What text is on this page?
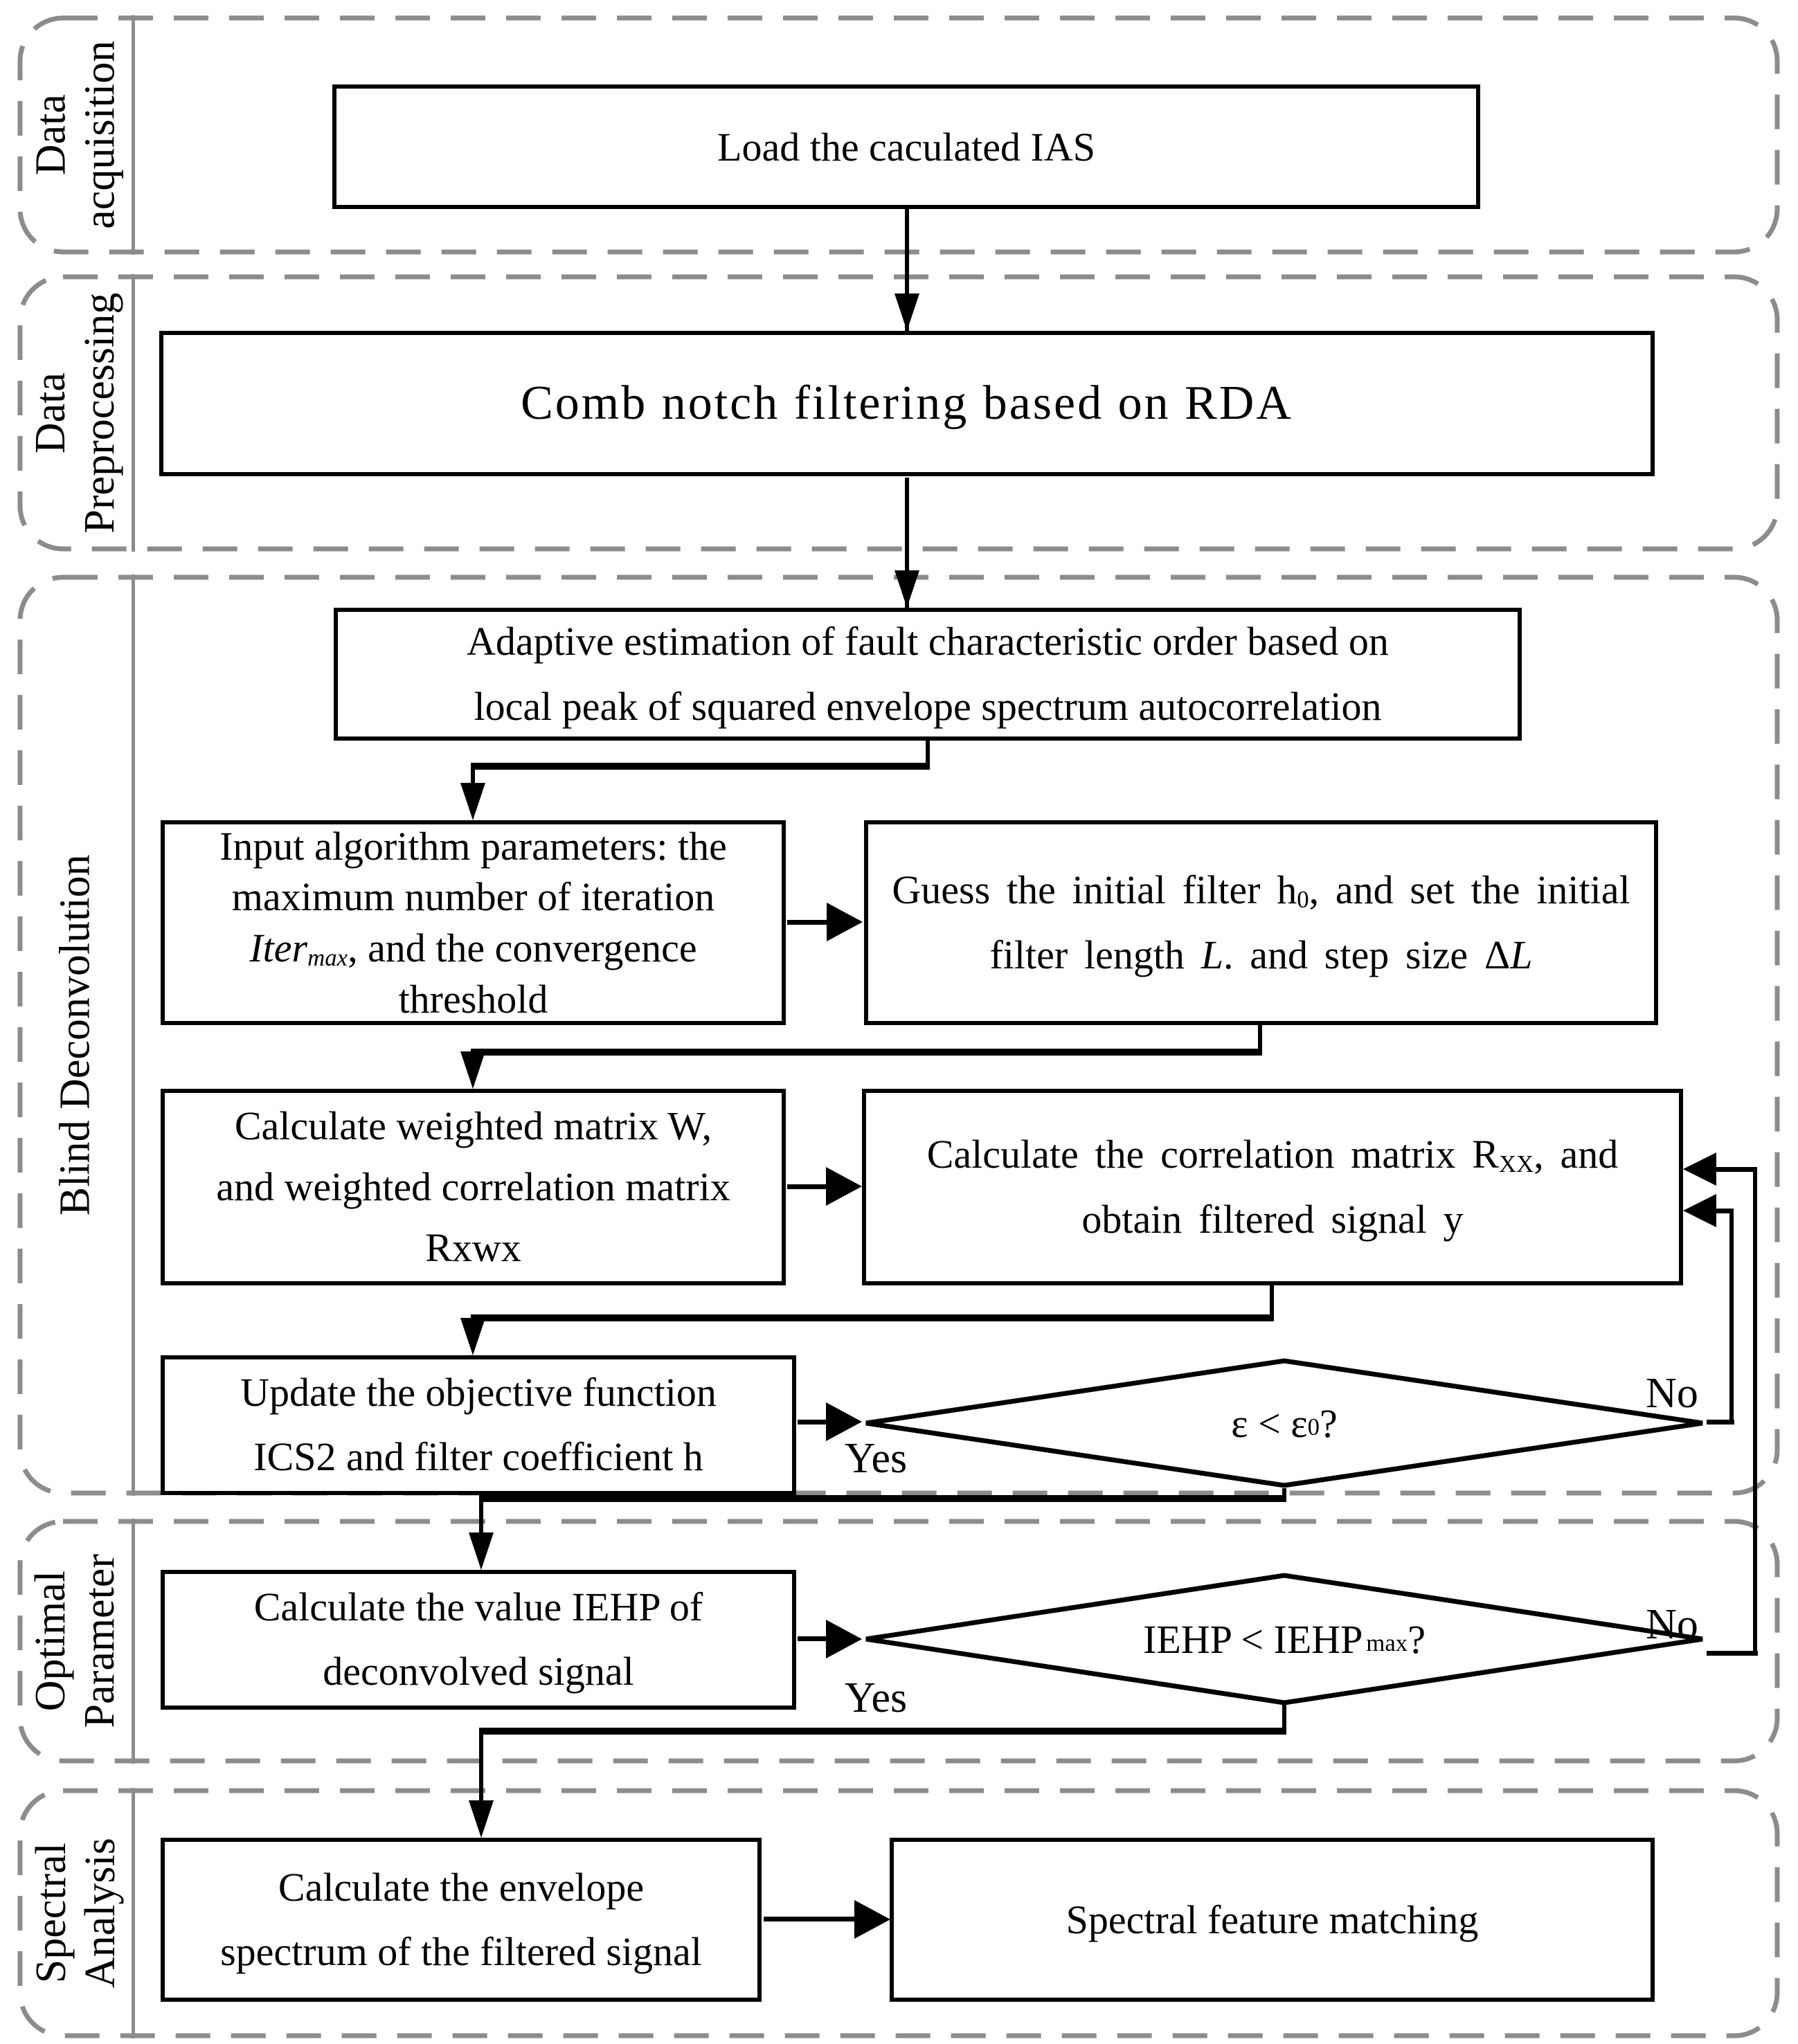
Data acquisition
Data Preprocessing
Blind Deconvolution
Optimal Parameter
Spectral Analysis
Load the caculated IAS
Comb notch filtering based on RDA
Adaptive estimation of fault characteristic order based on
local peak of squared envelope spectrum autocorrelation
Input algorithm parameters: the
maximum number of iteration
Iter$_{max}$, and the convergence
threshold
Guess the initial filter $h_0$, and set the initial
filter length L. and step size ΔL
Calculate weighted matrix W,
and weighted correlation matrix
Rxwx
Calculate the correlation matrix $R_{XX}$, and
obtain filtered signal y
Update the objective function
ICS2 and filter coefficient h
Calculate the value IEHP of
deconvolved signal
Calculate the envelope
spectrum of the filtered signal
Spectral feature matching
$\varepsilon < \varepsilon_0$ ?
IEHP < $IEHP_{max}$ ?
Yes
No
Yes
No
